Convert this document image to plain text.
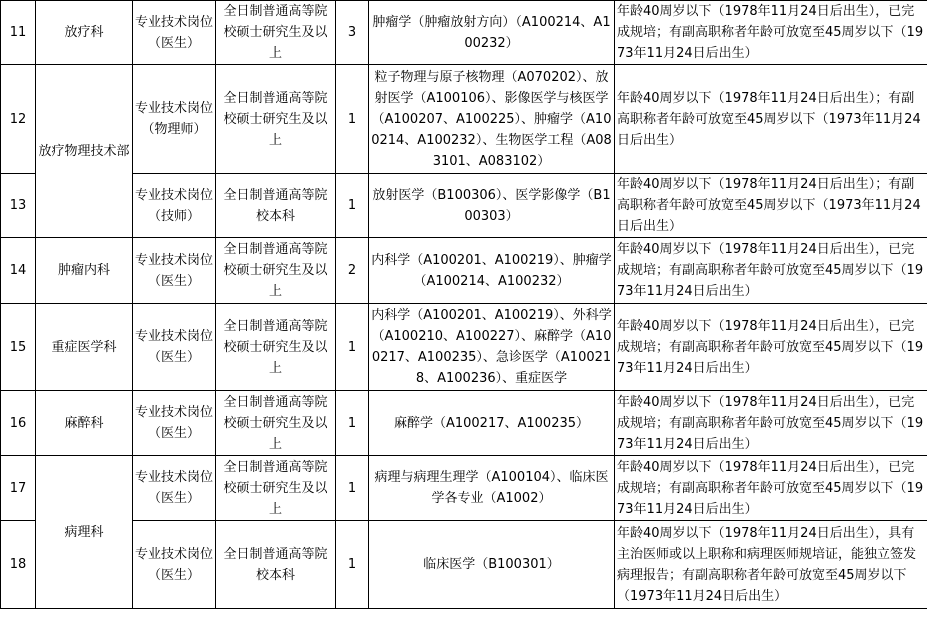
11	放疗科	专业技术岗位（医生）	全日制普通高等院校硕士研究生及以上	3	肿瘤学（肿瘤放射方向）（A100214、A100232）	年龄40周岁以下（1978年11月24日后出生），已完成规培；有副高职称者年龄可放宽至45周岁以下（1973年11月24日后出生）
12	放疗物理技术部	专业技术岗位（物理师）	全日制普通高等院校硕士研究生及以上	1	粒子物理与原子核物理（A070202）、放射医学（A100106）、影像医学与核医学（A100207、A100225）、肿瘤学（A100214、A100232）、生物医学工程（A083101、A083102）	年龄40周岁以下（1978年11月24日后出生）；有副高职称者年龄可放宽至45周岁以下（1973年11月24日后出生）
13		专业技术岗位（技师）	全日制普通高等院校本科	1	放射医学（B100306）、医学影像学（B100303）	年龄40周岁以下（1978年11月24日后出生）；有副高职称者年龄可放宽至45周岁以下（1973年11月24日后出生）
14	肿瘤内科	专业技术岗位（医生）	全日制普通高等院校硕士研究生及以上	2	内科学（A100201、A100219）、肿瘤学（A100214、A100232）	年龄40周岁以下（1978年11月24日后出生），已完成规培；有副高职称者年龄可放宽至45周岁以下（1973年11月24日后出生）
15	重症医学科	专业技术岗位（医生）	全日制普通高等院校硕士研究生及以上	1	内科学（A100201、A100219）、外科学（A100210、A100227）、麻醉学（A100217、A100235）、急诊医学（A100218、A100236）、重症医学	年龄40周岁以下（1978年11月24日后出生），已完成规培；有副高职称者年龄可放宽至45周岁以下（1973年11月24日后出生）
16	麻醉科	专业技术岗位（医生）	全日制普通高等院校硕士研究生及以上	1	麻醉学（A100217、A100235）	年龄40周岁以下（1978年11月24日后出生），已完成规培；有副高职称者年龄可放宽至45周岁以下（1973年11月24日后出生）
17	病理科	专业技术岗位（医生）	全日制普通高等院校硕士研究生及以上	1	病理与病理生理学（A100104）、临床医学各专业（A1002）	年龄40周岁以下（1978年11月24日后出生），已完成规培；有副高职称者年龄可放宽至45周岁以下（1973年11月24日后出生）
18		专业技术岗位（医生）	全日制普通高等院校本科	1	临床医学（B100301）	年龄40周岁以下（1978年11月24日后出生），具有主治医师或以上职称和病理医师规培证，能独立签发病理报告；有副高职称者年龄可放宽至45周岁以下（1973年11月24日后出生）
